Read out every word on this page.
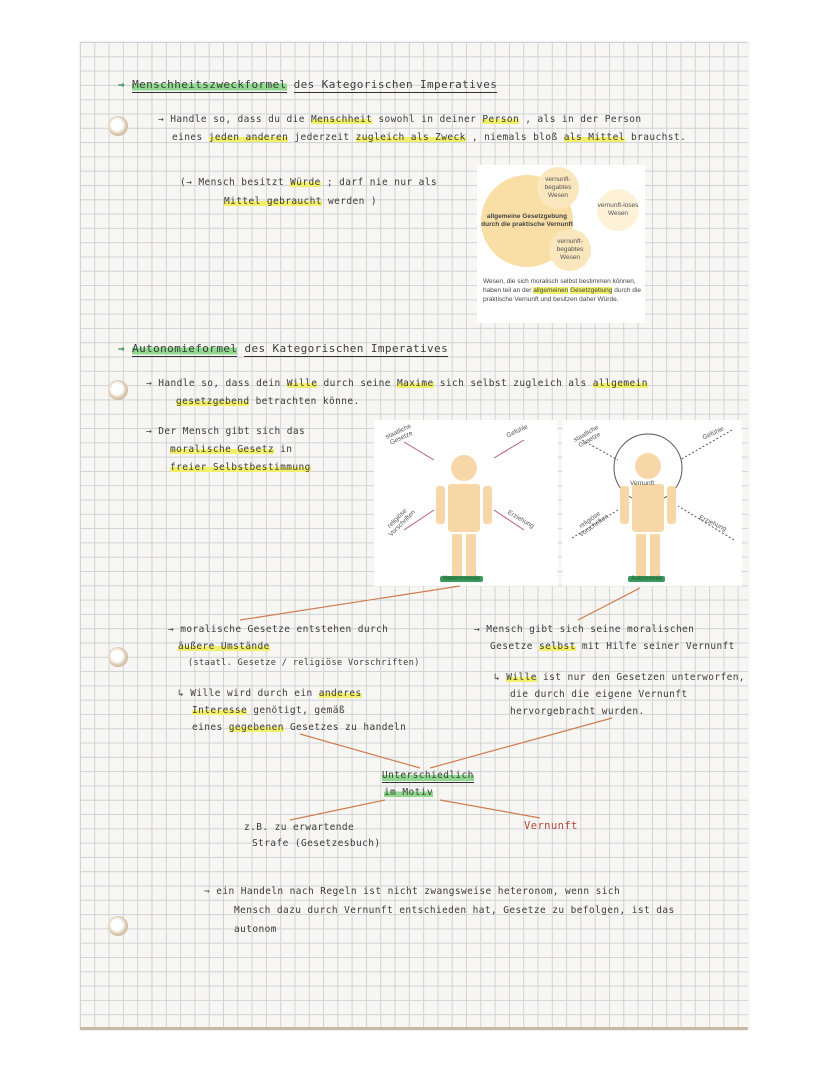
⇒ Menschheitszweckformel des Kategorischen Imperatives
→ Handle so, dass du die Menschheit sowohl in deiner Person , als in der Person
eines jeden anderen jederzeit zugleich als Zweck , niemals bloß als Mittel brauchst.
(→ Mensch besitzt Würde ; darf nie nur als
Mittel gebraucht werden )
allgemeine Gesetzgebung durch die praktische Vernunft
vernunft-begabtes Wesen
vernunft-begabtes Wesen
vernunft-loses Wesen
Wesen, die sich moralisch selbst bestimmen können, haben teil an der allgemeinen Gesetzgebung durch die praktische Vernunft und besitzen daher Würde.
⇒ Autonomieformel des Kategorischen Imperatives
→ Handle so, dass dein Wille durch seine Maxime sich selbst zugleich als allgemein
gesetzgebend betrachten könne.
→ Der Mensch gibt sich das
moralische Gesetz in
freier Selbstbestimmung
staatliche Gesetze	Gefühle
religiöse Vorschriften	Erziehung
Heteronomie
staatliche Gesetze	Gefühle
Vernunft
religiöse Vorschriften	Erziehung
Autonomie
→ moralische Gesetze entstehen durch
äußere Umstände
(staatl. Gesetze / religiöse Vorschriften)
↳ Wille wird durch ein anderes
Interesse genötigt, gemäß
eines gegebenen Gesetzes zu handeln
→ Mensch gibt sich seine moralischen
Gesetze selbst mit Hilfe seiner Vernunft
↳ Wille ist nur den Gesetzen unterworfen,
die durch die eigene Vernunft
hervorgebracht wurden.
Unterschiedlich
im Motiv
z.B. zu erwartende
Strafe (Gesetzesbuch)
Vernunft
⇒ ein Handeln nach Regeln ist nicht zwangsweise heteronom, wenn sich
Mensch dazu durch Vernunft entschieden hat, Gesetze zu befolgen, ist das
autonom
